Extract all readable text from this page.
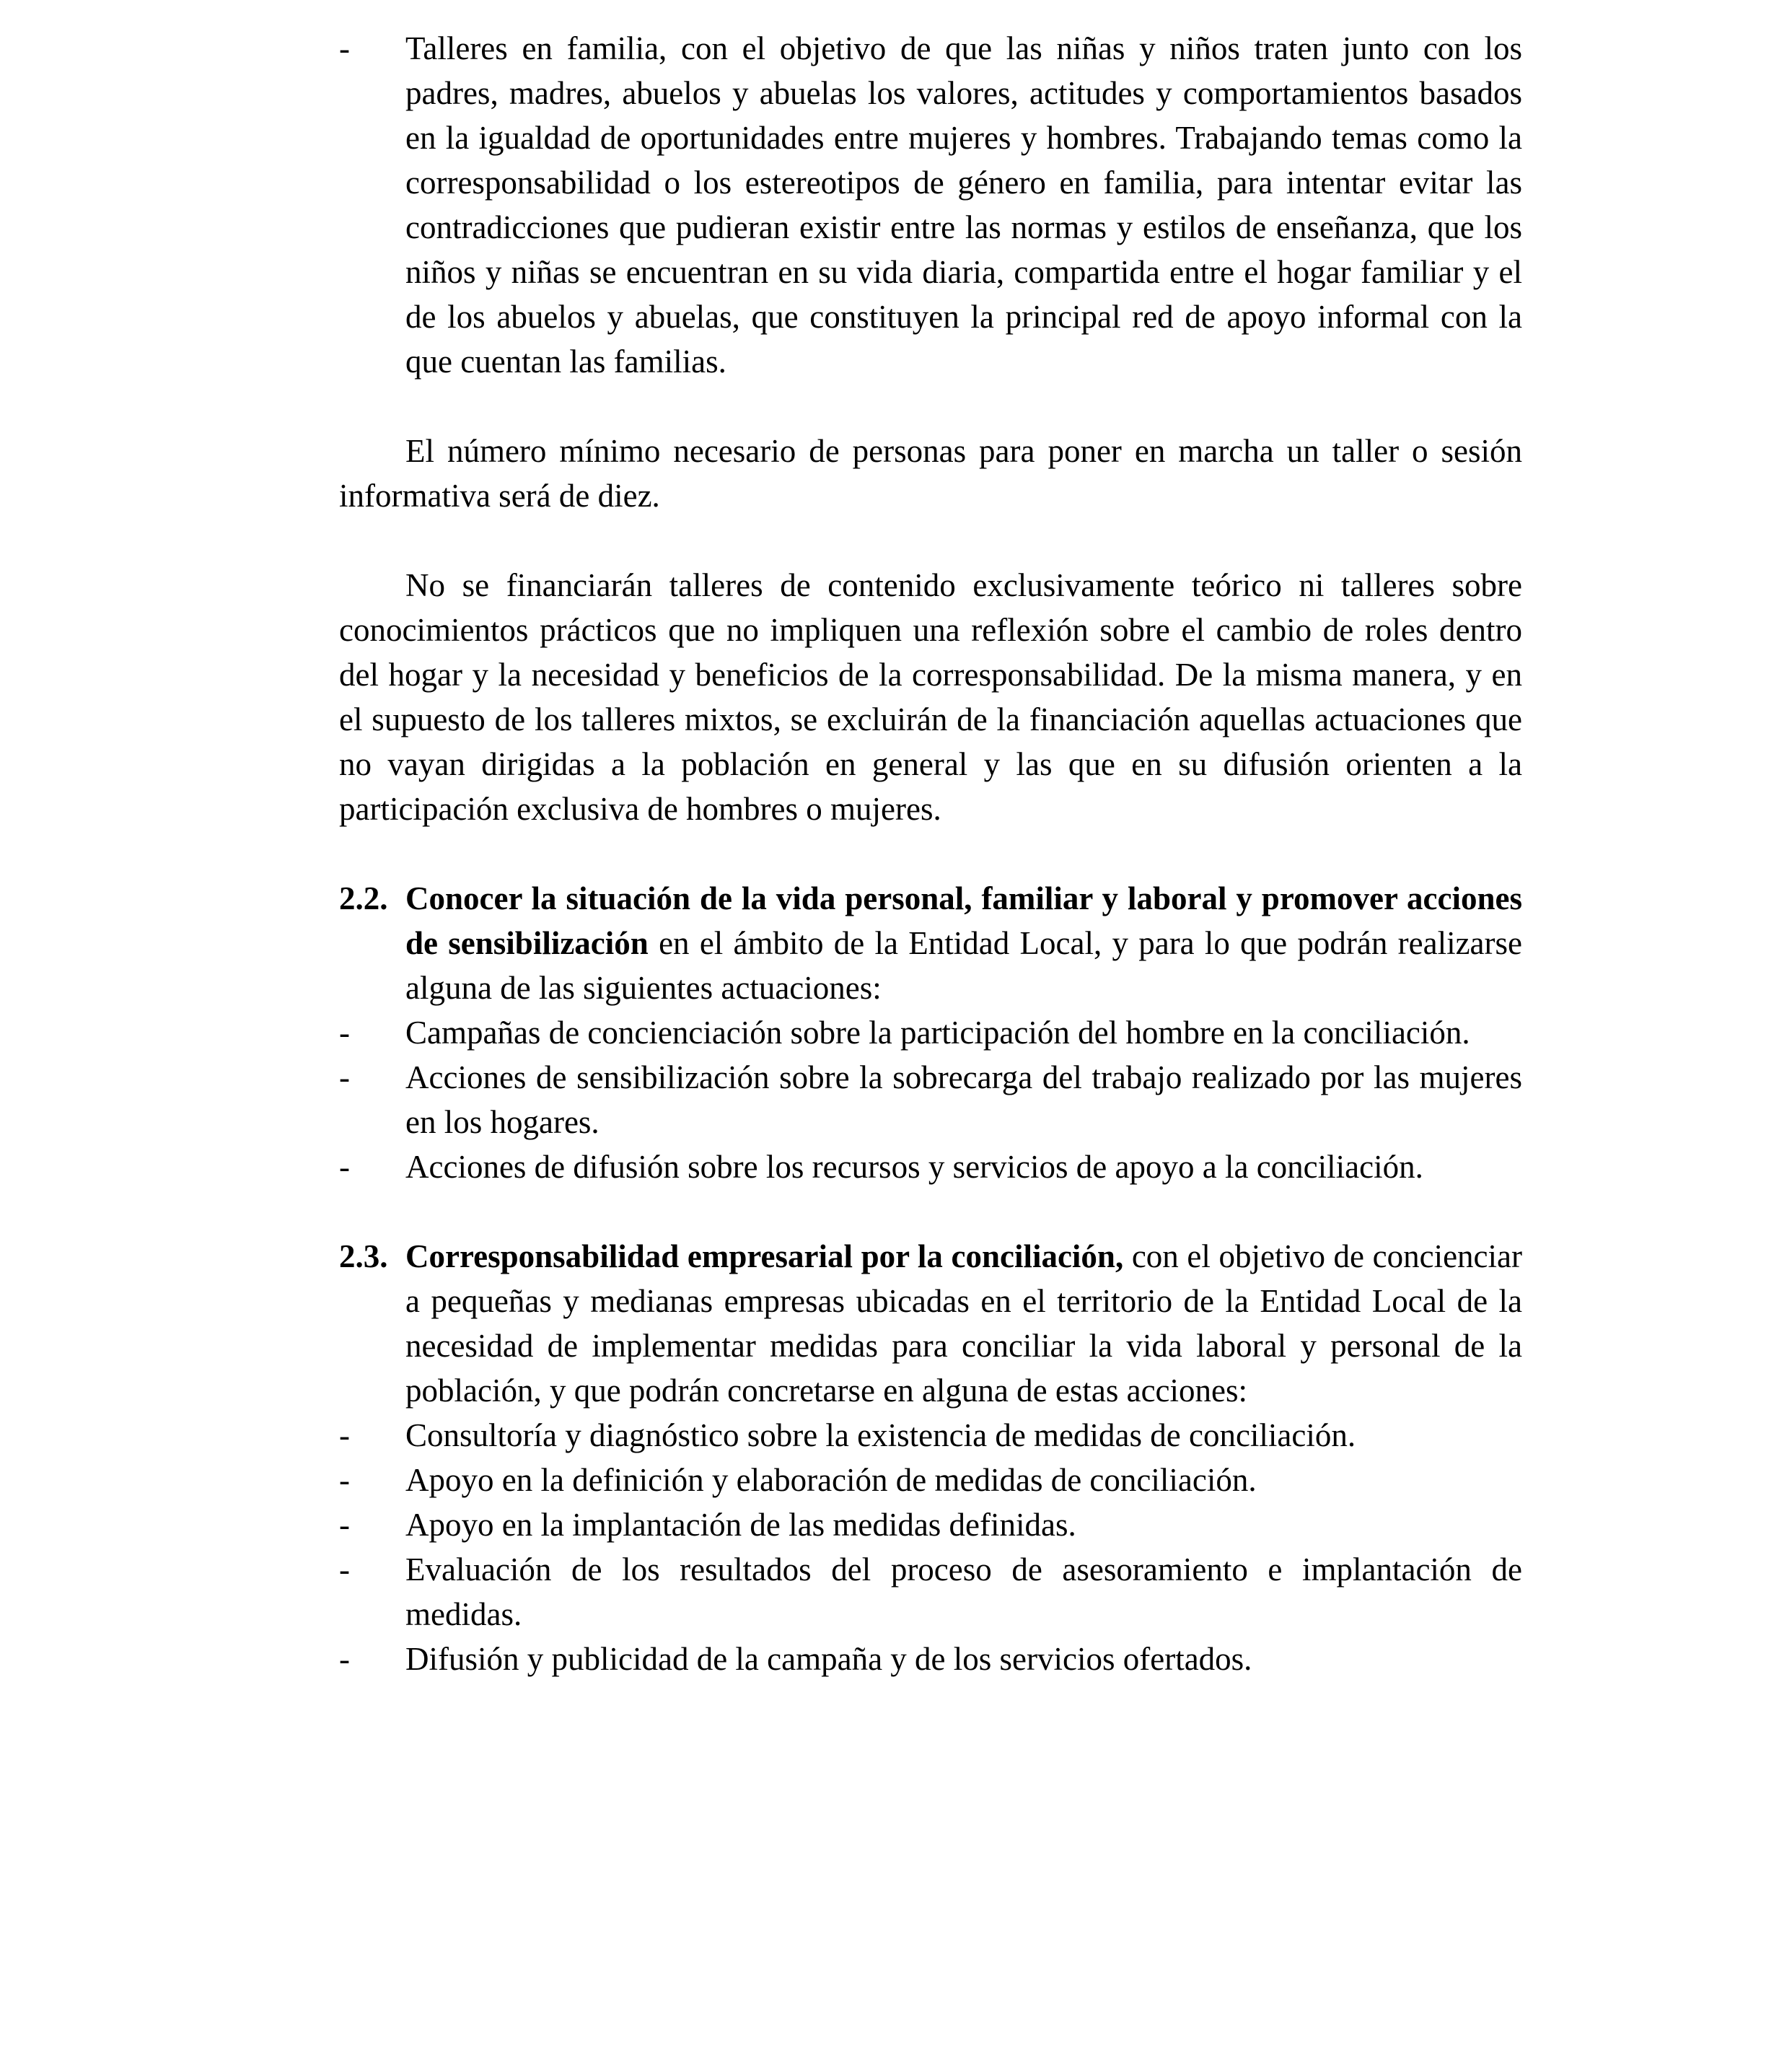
- Talleres en familia, con el objetivo de que las niñas y niños traten junto con los padres, madres, abuelos y abuelas los valores, actitudes y comportamientos basados en la igualdad de oportunidades entre mujeres y hombres. Trabajando temas como la corresponsabilidad o los estereotipos de género en familia, para intentar evitar las contradicciones que pudieran existir entre las normas y estilos de enseñanza, que los niños y niñas se encuentran en su vida diaria, compartida entre el hogar familiar y el de los abuelos y abuelas, que constituyen la principal red de apoyo informal con la que cuentan las familias.
El número mínimo necesario de personas para poner en marcha un taller o sesión informativa será de diez.
No se financiarán talleres de contenido exclusivamente teórico ni talleres sobre conocimientos prácticos que no impliquen una reflexión sobre el cambio de roles dentro del hogar y la necesidad y beneficios de la corresponsabilidad. De la misma manera, y en el supuesto de los talleres mixtos, se excluirán de la financiación aquellas actuaciones que no vayan dirigidas a la población en general y las que en su difusión orienten a la participación exclusiva de hombres o mujeres.
2.2. Conocer la situación de la vida personal, familiar y laboral y promover acciones de sensibilización en el ámbito de la Entidad Local, y para lo que podrán realizarse alguna de las siguientes actuaciones:
- Campañas de concienciación sobre la participación del hombre en la conciliación.
- Acciones de sensibilización sobre la sobrecarga del trabajo realizado por las mujeres en los hogares.
- Acciones de difusión sobre los recursos y servicios de apoyo a la conciliación.
2.3. Corresponsabilidad empresarial por la conciliación, con el objetivo de concienciar a pequeñas y medianas empresas ubicadas en el territorio de la Entidad Local de la necesidad de implementar medidas para conciliar la vida laboral y personal de la población, y que podrán concretarse en alguna de estas acciones:
- Consultoría y diagnóstico sobre la existencia de medidas de conciliación.
- Apoyo en la definición y elaboración de medidas de conciliación.
- Apoyo en la implantación de las medidas definidas.
- Evaluación de los resultados del proceso de asesoramiento e implantación de medidas.
- Difusión y publicidad de la campaña y de los servicios ofertados.
